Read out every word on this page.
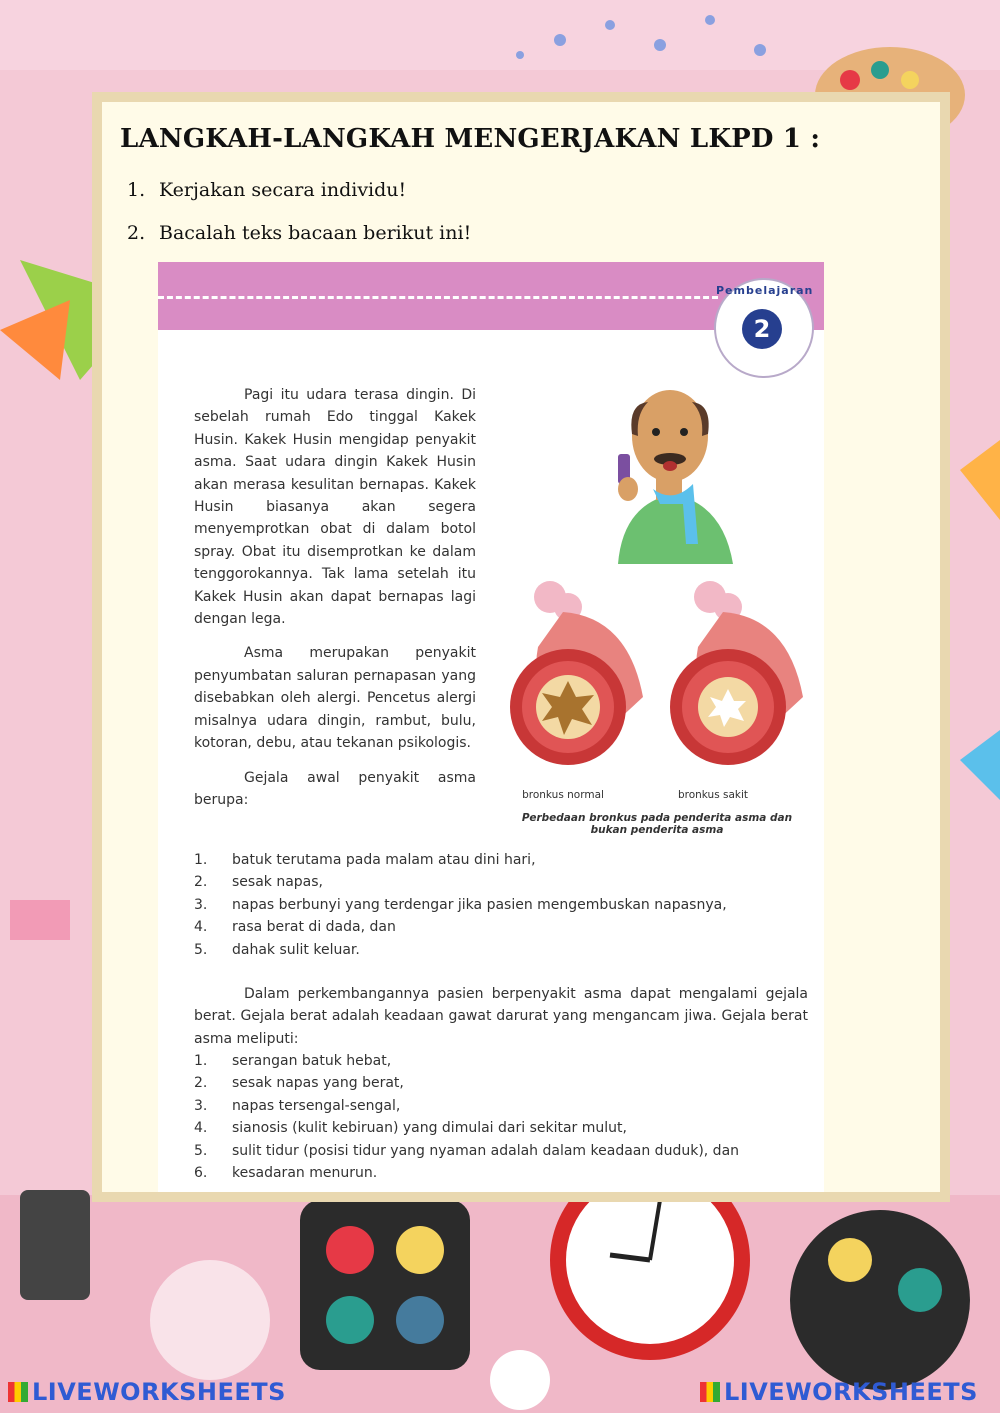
LANGKAH-LANGKAH MENGERJAKAN LKPD 1 :
1. Kerjakan secara individu!
2. Bacalah teks bacaan berikut ini!
Pembelajaran
2

Pagi itu udara terasa dingin. Di sebelah rumah Edo tinggal Kakek Husin. Kakek Husin mengidap penyakit asma. Saat udara dingin Kakek Husin akan merasa kesulitan bernapas. Kakek Husin biasanya akan segera menyemprotkan obat di dalam botol spray. Obat itu disemprotkan ke dalam tenggorokannya. Tak lama setelah itu Kakek Husin akan dapat bernapas lagi dengan lega.

Asma merupakan penyakit penyumbatan saluran pernapasan yang disebabkan oleh alergi. Pencetus alergi misalnya udara dingin, rambut, bulu, kotoran, debu, atau tekanan psikologis.

Gejala awal penyakit asma berupa:	bronkus normal	bronkus sakit
Perbedaan bronkus pada penderita asma dan bukan penderita asma
1. batuk terutama pada malam atau dini hari,
2. sesak napas,
3. napas berbunyi yang terdengar jika pasien mengembuskan napasnya,
4. rasa berat di dada, dan
5. dahak sulit keluar.

Dalam perkembangannya pasien berpenyakit asma dapat mengalami gejala berat. Gejala berat adalah keadaan gawat darurat yang mengancam jiwa. Gejala berat asma meliputi:

1. serangan batuk hebat,
2. sesak napas yang berat,
3. napas tersengal-sengal,
4. sianosis (kulit kebiruan) yang dimulai dari sekitar mulut,
5. sulit tidur (posisi tidur yang nyaman adalah dalam keadaan duduk), dan
6. kesadaran menurun.
LIVEWORKSHEETS	LIVEWORKSHEETS
